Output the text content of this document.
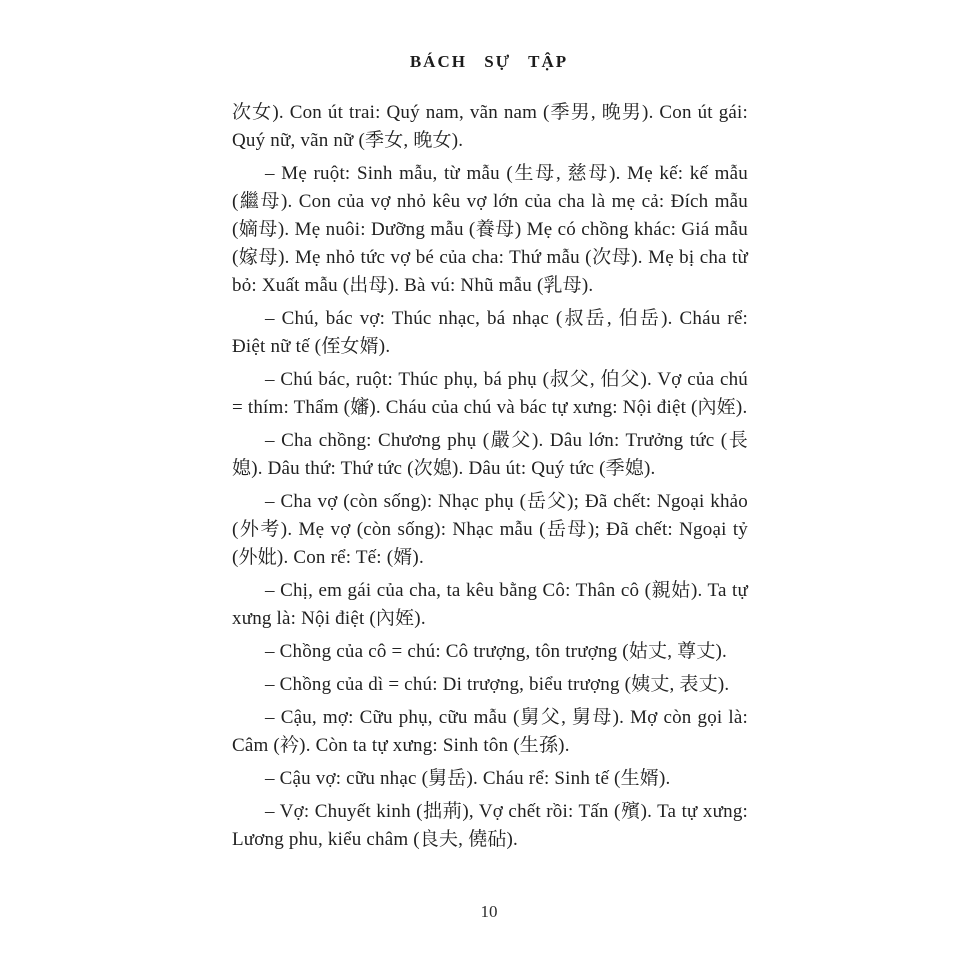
BÁCH SỰ TẬP

次女). Con út trai: Quý nam, vãn nam (季男, 晚男). Con út gái: Quý nữ, vãn nữ (季女, 晚女).

– Mẹ ruột: Sinh mẫu, từ mẫu (生母, 慈母). Mẹ kế: kế mẫu (繼母). Con của vợ nhỏ kêu vợ lớn của cha là mẹ cả: Đích mẫu (嫡母). Mẹ nuôi: Dưỡng mẫu (養母) Mẹ có chồng khác: Giá mẫu (嫁母). Mẹ nhỏ tức vợ bé của cha: Thứ mẫu (次母). Mẹ bị cha từ bỏ: Xuất mẫu (出母). Bà vú: Nhũ mẫu (乳母).

– Chú, bác vợ: Thúc nhạc, bá nhạc (叔岳, 伯岳). Cháu rể: Điệt nữ tế (侄女婿).

– Chú bác, ruột: Thúc phụ, bá phụ (叔父, 伯父). Vợ của chú = thím: Thẩm (嬸). Cháu của chú và bác tự xưng: Nội điệt (內姪).

– Cha chồng: Chương phụ (嚴父). Dâu lớn: Trưởng tức (長媳). Dâu thứ: Thứ tức (次媳). Dâu út: Quý tức (季媳).

– Cha vợ (còn sống): Nhạc phụ (岳父); Đã chết: Ngoại khảo (外考). Mẹ vợ (còn sống): Nhạc mẫu (岳母); Đã chết: Ngoại tỷ (外妣). Con rể: Tế: (婿).

– Chị, em gái của cha, ta kêu bằng Cô: Thân cô (親姑). Ta tự xưng là: Nội điệt (內姪).

– Chồng của cô = chú: Cô trượng, tôn trượng (姑丈, 尊丈).

– Chồng của dì = chú: Di trượng, biểu trượng (姨丈, 表丈).

– Cậu, mợ: Cữu phụ, cữu mẫu (舅父, 舅母). Mợ còn gọi là: Câm (衿). Còn ta tự xưng: Sinh tôn (生孫).

– Cậu vợ: cữu nhạc (舅岳). Cháu rể: Sinh tế (生婿).

– Vợ: Chuyết kinh (拙荊), Vợ chết rồi: Tấn (殯). Ta tự xưng: Lương phu, kiểu châm (良夫, 僥砧).

10
